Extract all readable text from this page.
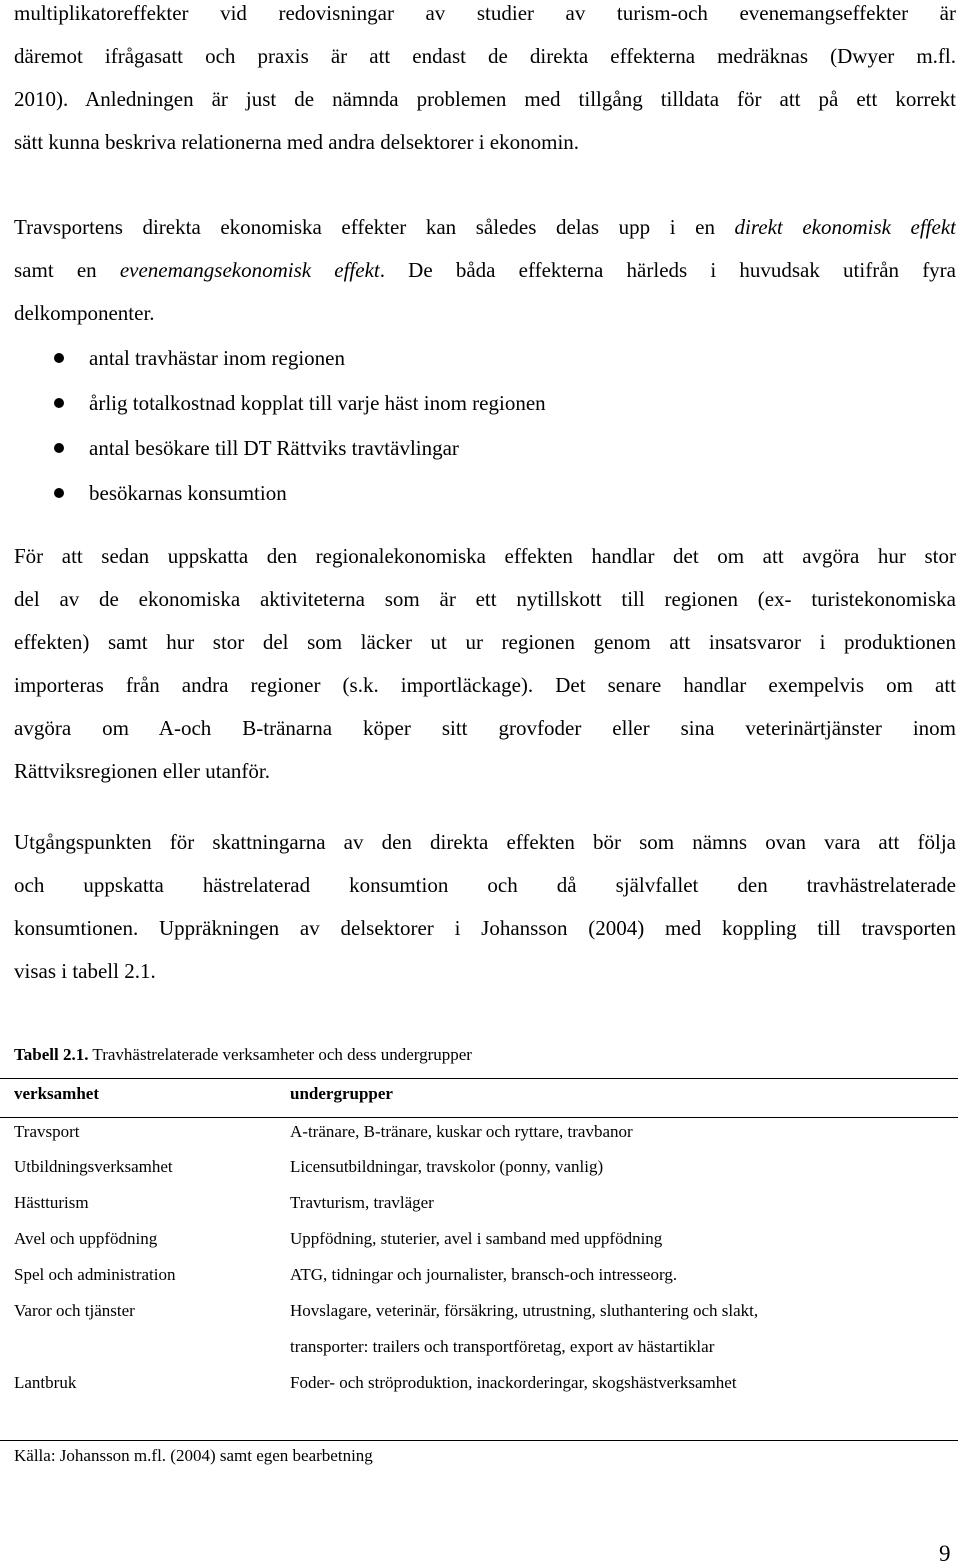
multiplikatoreffekter vid redovisningar av studier av turism-och evenemangseffekter är
däremot ifrågasatt och praxis är att endast de direkta effekterna medräknas (Dwyer m.fl.
2010). Anledningen är just de nämnda problemen med tillgång tilldata för att på ett korrekt
sätt kunna beskriva relationerna med andra delsektorer i ekonomin.
Travsportens direkta ekonomiska effekter kan således delas upp i en direkt ekonomisk effekt
samt en evenemangsekonomisk effekt. De båda effekterna härleds i huvudsak utifrån fyra
delkomponenter.
antal travhästar inom regionen
årlig totalkostnad kopplat till varje häst inom regionen
antal besökare till DT Rättviks travtävlingar
besökarnas konsumtion
För att sedan uppskatta den regionalekonomiska effekten handlar det om att avgöra hur stor
del av de ekonomiska aktiviteterna som är ett nytillskott till regionen (ex- turistekonomiska
effekten) samt hur stor del som läcker ut ur regionen genom att insatsvaror i produktionen
importeras från andra regioner (s.k. importläckage). Det senare handlar exempelvis om att
avgöra om A-och B-tränarna köper sitt grovfoder eller sina veterinärtjänster inom
Rättviksregionen eller utanför.
Utgångspunkten för skattningarna av den direkta effekten bör som nämns ovan vara att följa
och uppskatta hästrelaterad konsumtion och då självfallet den travhästrelaterade
konsumtionen. Uppräkningen av delsektorer i Johansson (2004) med koppling till travsporten
visas i tabell 2.1.
Tabell 2.1. Travhästrelaterade verksamheter och dess undergrupper
verksamhet	undergrupper
Travsport	A-tränare, B-tränare, kuskar och ryttare, travbanor
Utbildningsverksamhet	Licensutbildningar, travskolor (ponny, vanlig)
Hästturism	Travturism, travläger
Avel och uppfödning	Uppfödning, stuterier, avel i samband med uppfödning
Spel och administration	ATG, tidningar och journalister, bransch-och intresseorg.
Varor och tjänster	Hovslagare, veterinär, försäkring, utrustning, sluthantering och slakt,
transporter: trailers och transportföretag, export av hästartiklar
Lantbruk	Foder- och ströproduktion, inackorderingar, skogshästverksamhet
Källa: Johansson m.fl. (2004) samt egen bearbetning
9
